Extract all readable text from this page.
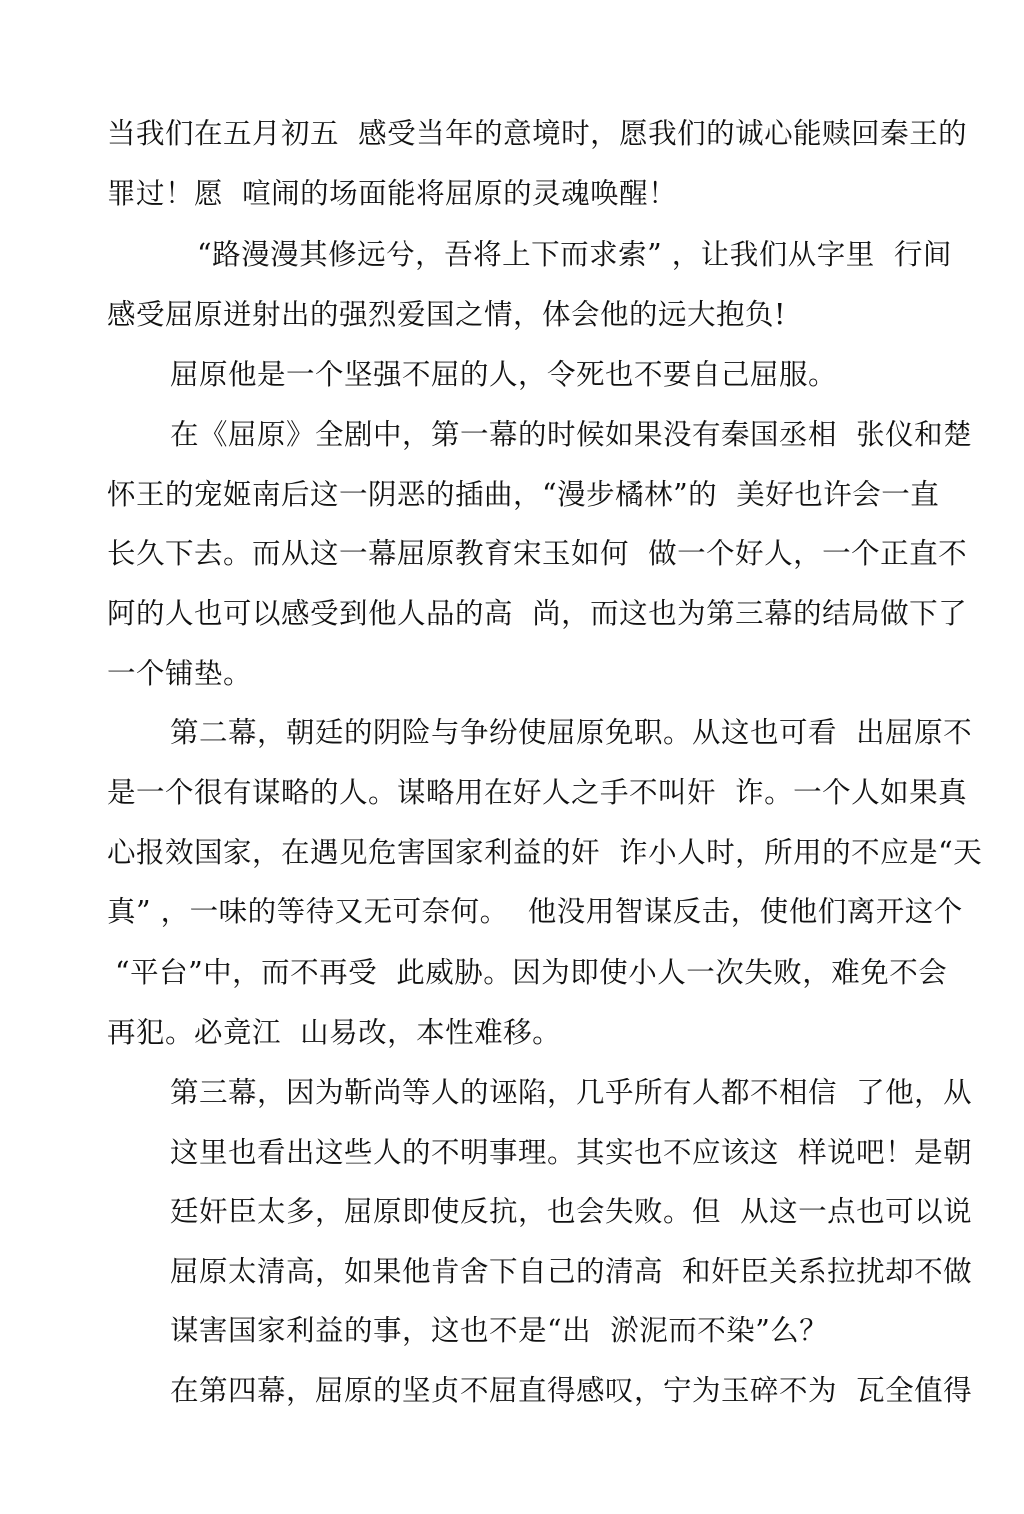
当我们在五月初五  感受当年的意境时，愿我们的诚心能赎回秦王的
罪过！愿  喧闹的场面能将屈原的灵魂唤醒！
“路漫漫其修远兮，吾将上下而求索” ，让我们从字里  行间
感受屈原迸射出的强烈爱国之情，体会他的远大抱负!
屈原他是一个坚强不屈的人，令死也不要自己屈服。
在《屈原》全剧中，第一幕的时候如果没有秦国丞相  张仪和楚
怀王的宠姬南后这一阴恶的插曲，“漫步橘林”的  美好也许会一直
长久下去。而从这一幕屈原教育宋玉如何  做一个好人，一个正直不
阿的人也可以感受到他人品的高  尚，而这也为第三幕的结局做下了
一个铺垫。
第二幕，朝廷的阴险与争纷使屈原免职。从这也可看  出屈原不
是一个很有谋略的人。谋略用在好人之手不叫奸  诈。一个人如果真
心报效国家，在遇见危害国家利益的奸  诈小人时，所用的不应是“天
真” ，一味的等待又无可奈何。  他没用智谋反击，使他们离开这个
“平台”中，而不再受  此威胁。因为即使小人一次失败，难免不会
再犯。必竟江  山易改，本性难移。
第三幕，因为靳尚等人的诬陷，几乎所有人都不相信  了他，从
这里也看出这些人的不明事理。其实也不应该这  样说吧！是朝
廷奸臣太多，屈原即使反抗，也会失败。但  从这一点也可以说
屈原太清高，如果他肯舍下自己的清高  和奸臣关系拉扰却不做
谋害国家利益的事，这也不是“出  淤泥而不染”么？
在第四幕，屈原的坚贞不屈直得感叹，宁为玉碎不为  瓦全值得
